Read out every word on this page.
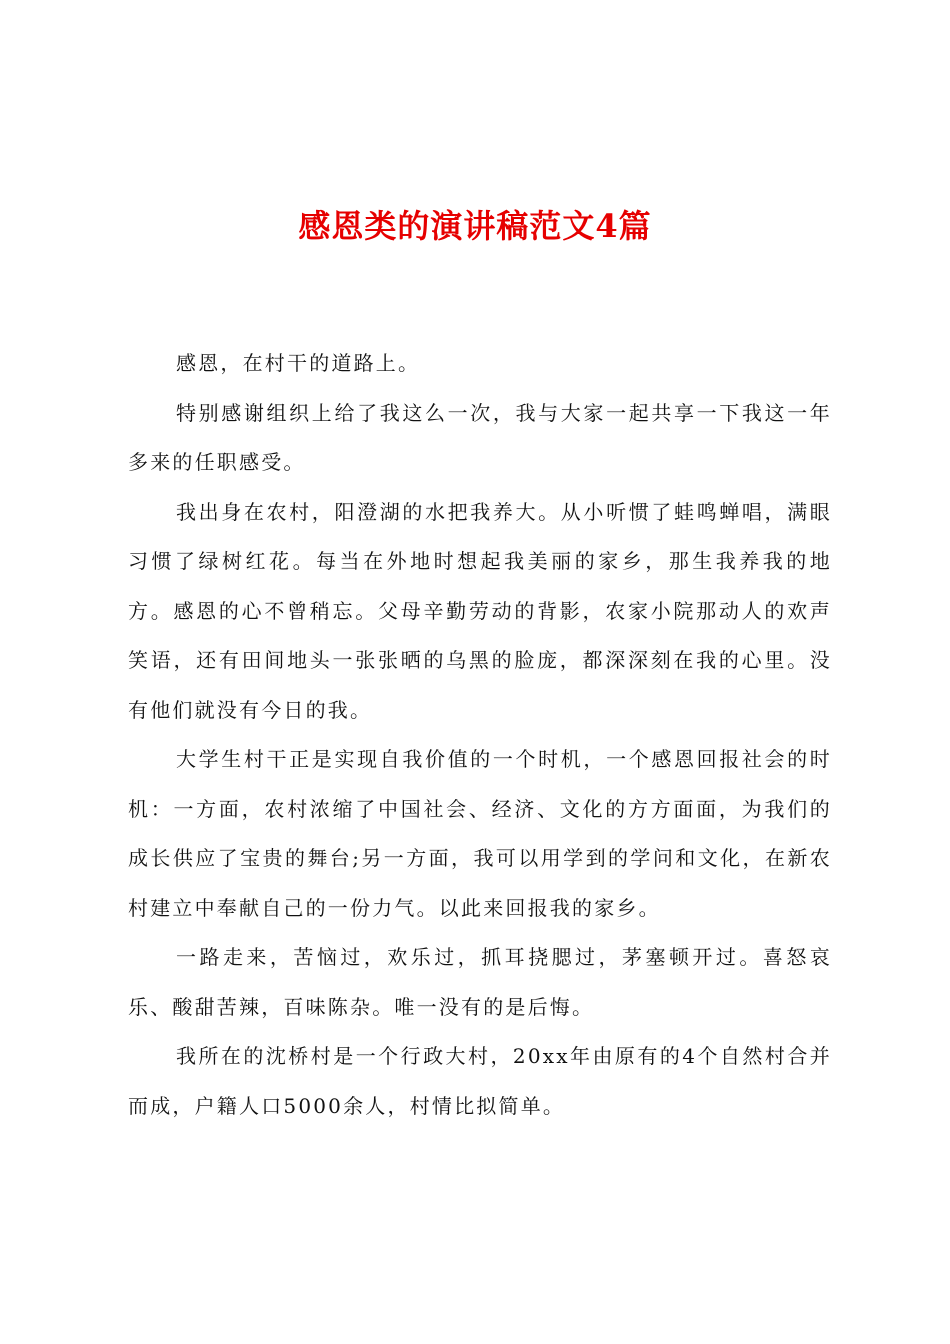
感恩类的演讲稿范文4篇

感恩，在村干的道路上。

特别感谢组织上给了我这么一次，我与大家一起共享一下我这一年多来的任职感受。

我出身在农村，阳澄湖的水把我养大。从小听惯了蛙鸣蝉唱，满眼习惯了绿树红花。每当在外地时想起我美丽的家乡，那生我养我的地方。感恩的心不曾稍忘。父母辛勤劳动的背影，农家小院那动人的欢声笑语，还有田间地头一张张晒的乌黑的脸庞，都深深刻在我的心里。没有他们就没有今日的我。

大学生村干正是实现自我价值的一个时机，一个感恩回报社会的时机：一方面，农村浓缩了中国社会、经济、文化的方方面面，为我们的成长供应了宝贵的舞台;另一方面，我可以用学到的学问和文化，在新农村建立中奉献自己的一份力气。以此来回报我的家乡。

一路走来，苦恼过，欢乐过，抓耳挠腮过，茅塞顿开过。喜怒哀乐、酸甜苦辣，百味陈杂。唯一没有的是后悔。

我所在的沈桥村是一个行政大村，20xx年由原有的4个自然村合并而成，户籍人口5000余人，村情比拟简单。
